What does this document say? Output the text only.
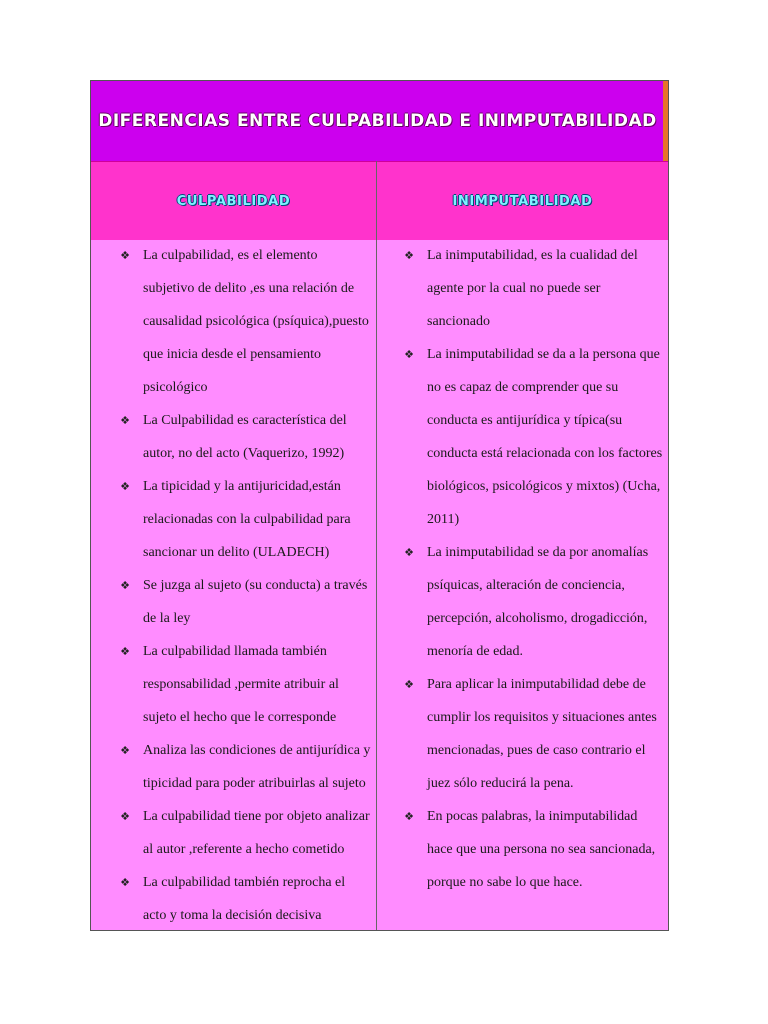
DIFERENCIAS ENTRE CULPABILIDAD E INIMPUTABILIDAD
CULPABILIDAD	INIMPUTABILIDAD
❖ La culpabilidad, es el elemento subjetivo de delito ,es una relación de causalidad psicológica (psíquica),puesto que inicia desde el pensamiento psicológico
❖ La Culpabilidad es característica del autor, no del acto (Vaquerizo, 1992)
❖ La tipicidad y la antijuricidad,están relacionadas con la culpabilidad para sancionar un delito (ULADECH)
❖ Se juzga al sujeto (su conducta) a través de la ley
❖ La culpabilidad llamada también responsabilidad ,permite atribuir al sujeto el hecho que le corresponde
❖ Analiza las condiciones de antijurídica y tipicidad para poder atribuirlas al sujeto
❖ La culpabilidad tiene por objeto analizar al autor ,referente a hecho cometido
❖ La culpabilidad también reprocha el acto y toma la decisión decisiva
❖ La inimputabilidad, es la cualidad del agente por la cual no puede ser sancionado
❖ La inimputabilidad se da a la persona que no es capaz de comprender que su conducta es antijurídica y típica(su conducta está relacionada con los factores biológicos, psicológicos y mixtos) (Ucha, 2011)
❖ La inimputabilidad se da por anomalías psíquicas, alteración de conciencia, percepción, alcoholismo, drogadicción, menoría de edad.
❖ Para aplicar la inimputabilidad debe de cumplir los requisitos y situaciones antes mencionadas, pues de caso contrario el juez sólo reducirá la pena.
❖ En pocas palabras, la inimputabilidad hace que una persona no sea sancionada, porque no sabe lo que hace.
